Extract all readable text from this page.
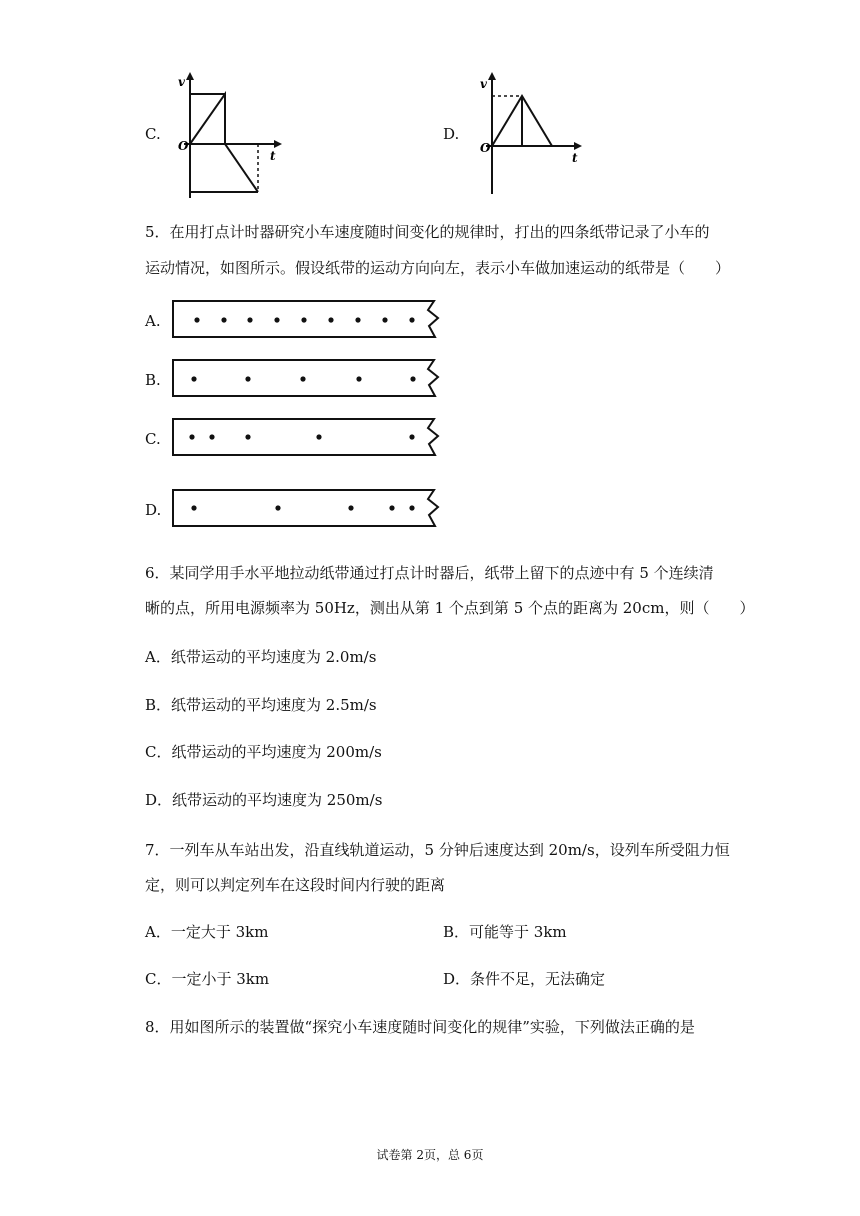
C.
v
O
t
D.
v
O
t
5．在用打点计时器研究小车速度随时间变化的规律时，打出的四条纸带记录了小车的
运动情况，如图所示。假设纸带的运动方向向左，表示小车做加速运动的纸带是（　　）
A.
B.
C.
D.
6．某同学用手水平地拉动纸带通过打点计时器后，纸带上留下的点迹中有 5 个连续清
晰的点，所用电源频率为 50Hz，测出从第 1 个点到第 5 个点的距离为 20cm，则（　　）
A．纸带运动的平均速度为 2.0m/s
B．纸带运动的平均速度为 2.5m/s
C．纸带运动的平均速度为 200m/s
D．纸带运动的平均速度为 250m/s
7．一列车从车站出发，沿直线轨道运动，5 分钟后速度达到 20m/s，设列车所受阻力恒
定，则可以判定列车在这段时间内行驶的距离
A．一定大于 3km	B．可能等于 3km
C．一定小于 3km	D．条件不足，无法确定
8．用如图所示的装置做“探究小车速度随时间变化的规律”实验，下列做法正确的是
试卷第 2页，总 6页
